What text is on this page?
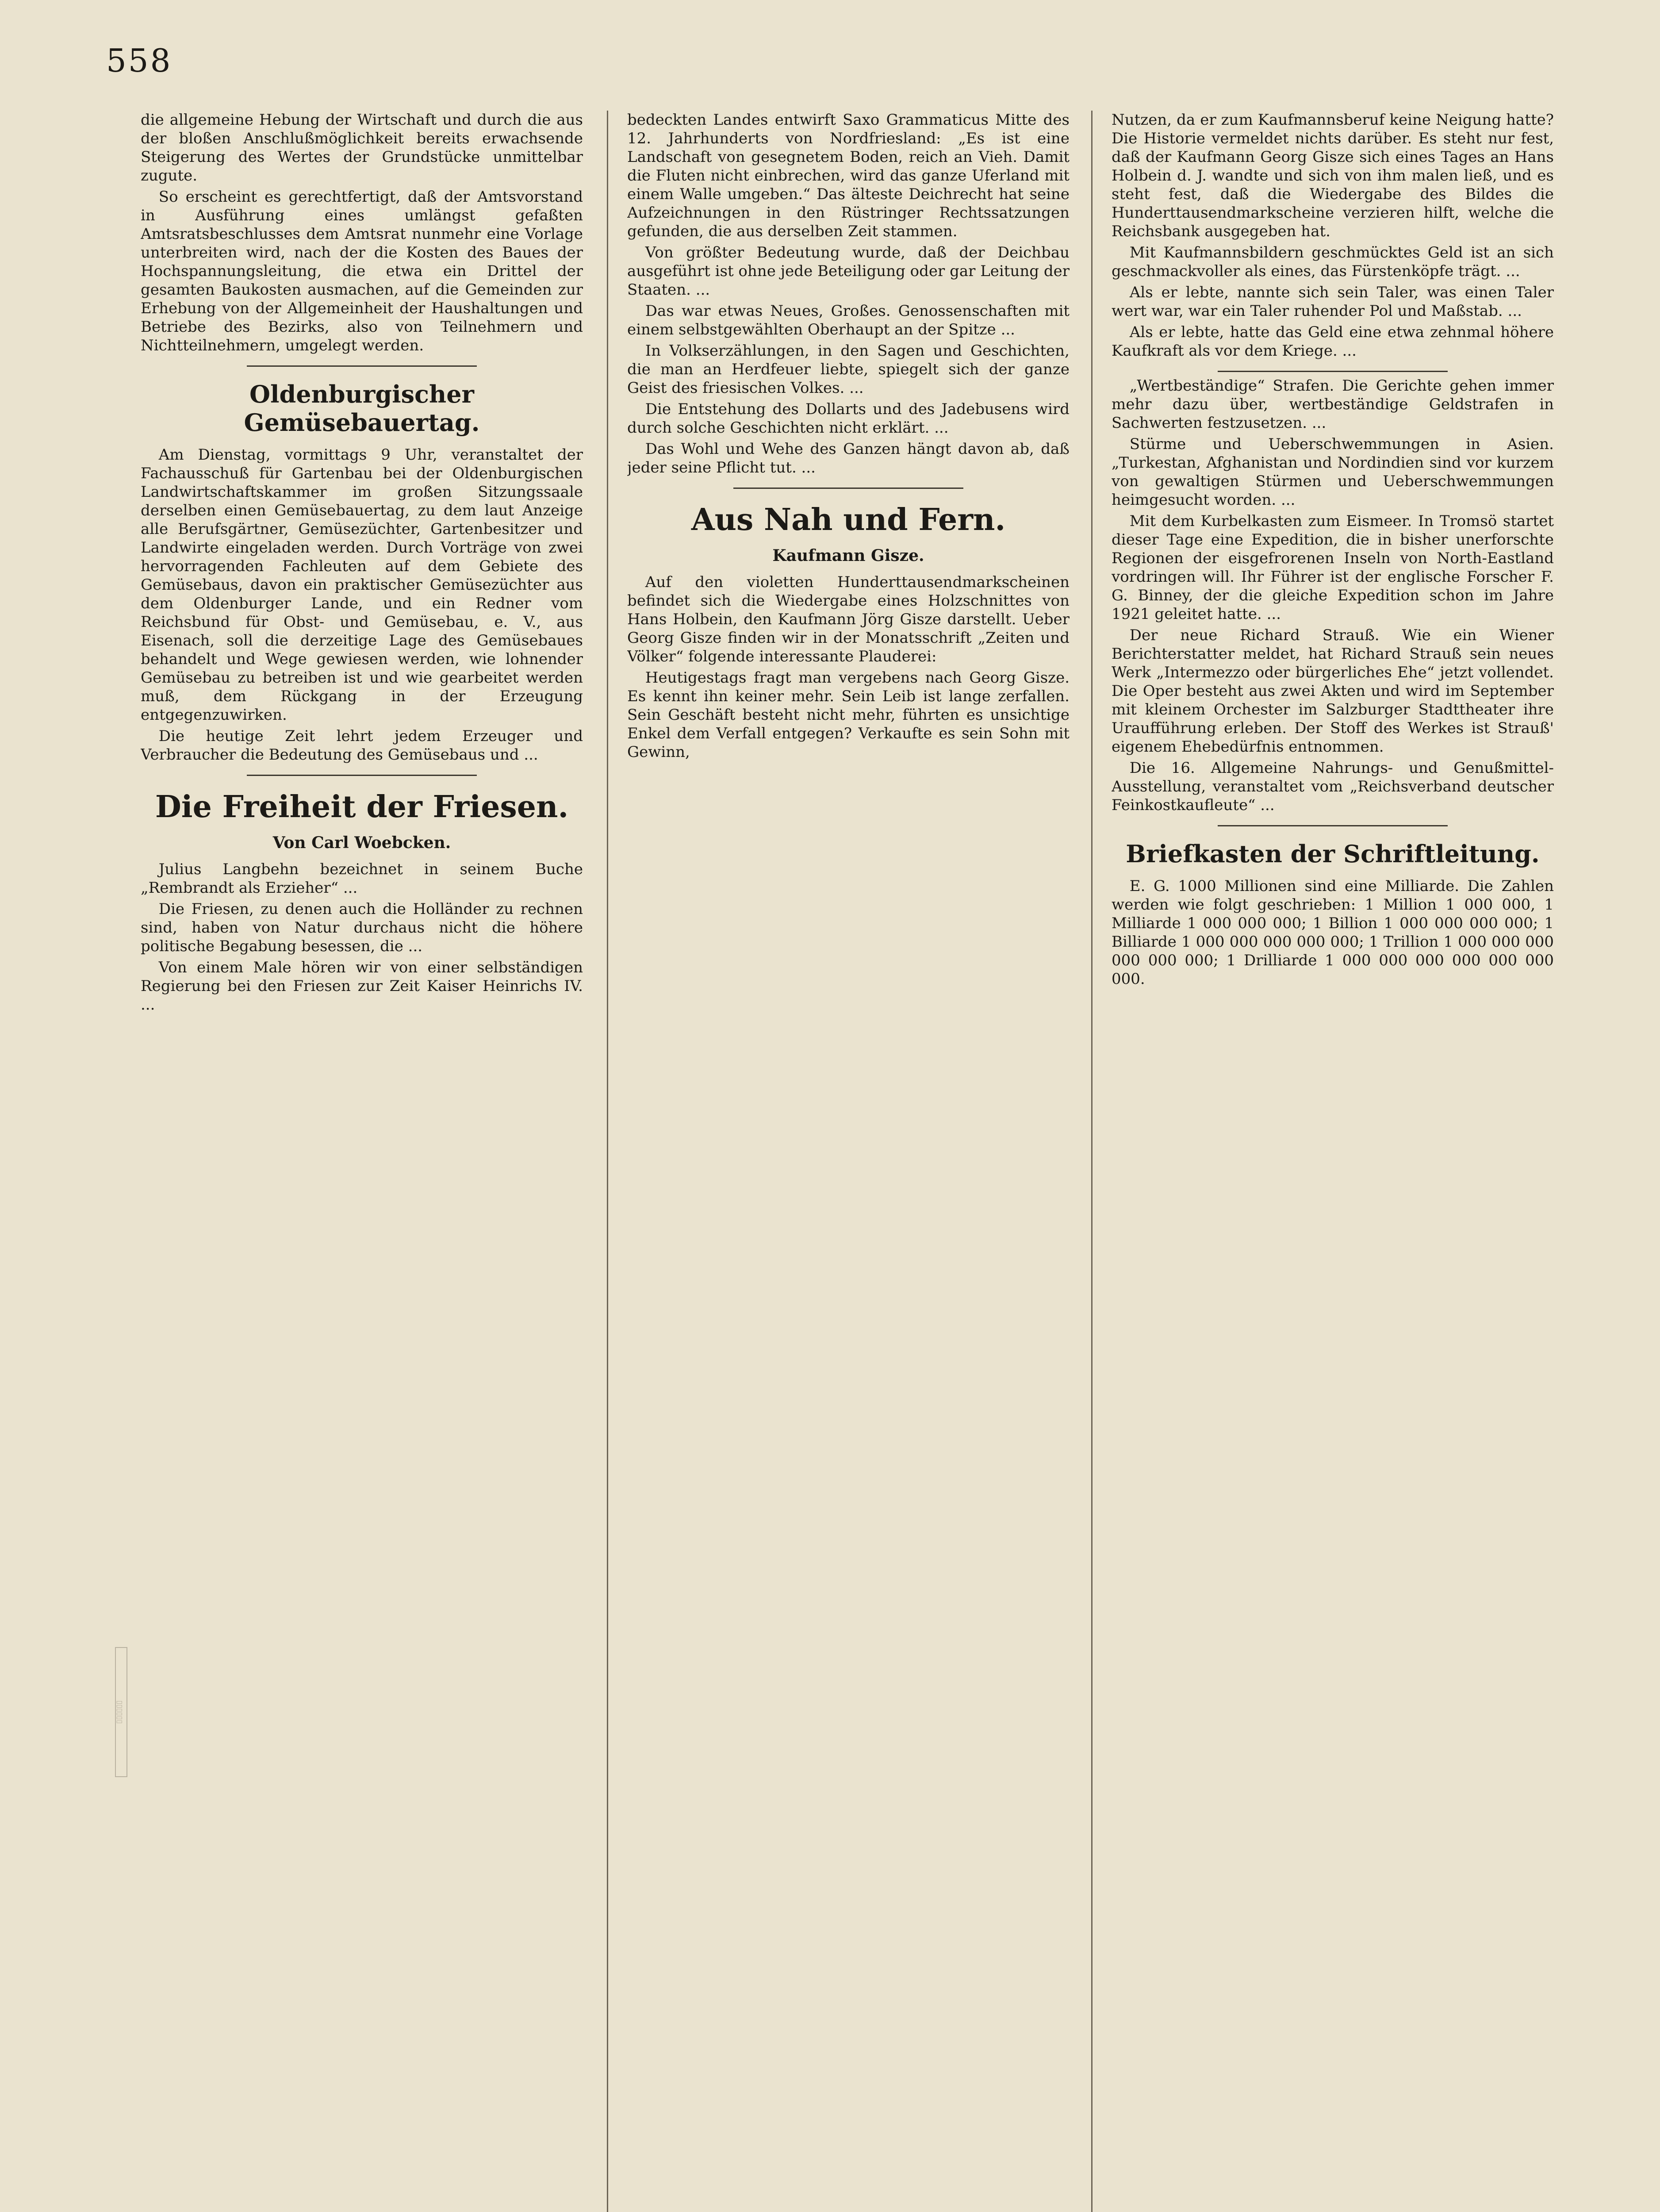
558

die allgemeine Hebung der Wirtschaft und durch die aus der bloßen Anschlußmöglichkeit bereits erwachsende Steigerung des Wertes der Grundstücke unmittelbar zugute.

So erscheint es gerechtfertigt, daß der Amtsvorstand in Ausführung eines umlängst gefaßten Amtsratsbeschlusses dem Amtsrat nunmehr eine Vorlage unterbreiten wird, nach der die Kosten des Baues der Hochspannungsleitung, die etwa ein Drittel der gesamten Baukosten ausmachen, auf die Gemeinden zur Erhebung von der Allgemeinheit der Haushaltungen und Betriebe des Bezirks, also von Teilnehmern und Nichtteilnehmern, umgelegt werden.

Oldenburgischer Gemüsebauertag.

Am Dienstag, vormittags 9 Uhr, veranstaltet der Fachausschuß für Gartenbau bei der Oldenburgischen Landwirtschaftskammer im großen Sitzungssaale derselben einen Gemüsebauertag, zu dem laut Anzeige alle Berufsgärtner, Gemüsezüchter, Gartenbesitzer und Landwirte eingeladen werden. Durch Vorträge von zwei hervorragenden Fachleuten auf dem Gebiete des Gemüsebaus, davon ein praktischer Gemüsezüchter aus dem Oldenburger Lande, und ein Redner vom Reichsbund für Obst- und Gemüsebau, e. V., aus Eisenach, soll die derzeitige Lage des Gemüsebaues behandelt und Wege gewiesen werden, wie lohnender Gemüsebau zu betreiben ist und wie gearbeitet werden muß, dem Rückgang in der Erzeugung entgegenzuwirken.

Die heutige Zeit lehrt jedem Erzeuger und Verbraucher die Bedeutung des Gemüsebaus und ...

Die Freiheit der Friesen.
Von Carl Woebcken.

Julius Langbehn bezeichnet in seinem Buche „Rembrandt als Erzieher“ ...

Die Friesen, zu denen auch die Holländer zu rechnen sind, haben von Natur durchaus nicht die höhere politische Begabung besessen, die ...

Von einem Male hören wir von einer selbständigen Regierung bei den Friesen zur Zeit Kaiser Heinrichs IV. ...

bedeckten Landes entwirft Saxo Grammaticus Mitte des 12. Jahrhunderts von Nordfriesland: „Es ist eine Landschaft von gesegnetem Boden, reich an Vieh. Damit die Fluten nicht einbrechen, wird das ganze Uferland mit einem Walle umgeben.“ Das älteste Deichrecht hat seine Aufzeichnungen in den Rüstringer Rechtssatzungen gefunden, die aus derselben Zeit stammen.

Von größter Bedeutung wurde, daß der Deichbau ausgeführt ist ohne jede Beteiligung oder gar Leitung der Staaten. ...

Das war etwas Neues, Großes. Genossenschaften mit einem selbstgewählten Oberhaupt an der Spitze ...

In Volkserzählungen, in den Sagen und Geschichten, die man an Herdfeuer liebte, spiegelt sich der ganze Geist des friesischen Volkes. ...

Die Entstehung des Dollarts und des Jadebusens wird durch solche Geschichten nicht erklärt. ...

Das Wohl und Wehe des Ganzen hängt davon ab, daß jeder seine Pflicht tut. ...

Aus Nah und Fern.
Kaufmann Gisze.

Auf den violetten Hunderttausendmarkscheinen befindet sich die Wiedergabe eines Holzschnittes von Hans Holbein, den Kaufmann Jörg Gisze darstellt. Ueber Georg Gisze finden wir in der Monatsschrift „Zeiten und Völker“ folgende interessante Plauderei:

Heutigestags fragt man vergebens nach Georg Gisze. Es kennt ihn keiner mehr. Sein Leib ist lange zerfallen. Sein Geschäft besteht nicht mehr, führten es unsichtige Enkel dem Verfall entgegen? Verkaufte es sein Sohn mit Gewinn,

Nutzen, da er zum Kaufmannsberuf keine Neigung hatte? Die Historie vermeldet nichts darüber. Es steht nur fest, daß der Kaufmann Georg Gisze sich eines Tages an Hans Holbein d. J. wandte und sich von ihm malen ließ, und es steht fest, daß die Wiedergabe des Bildes die Hunderttausendmarkscheine verzieren hilft, welche die Reichsbank ausgegeben hat.

Mit Kaufmannsbildern geschmücktes Geld ist an sich geschmackvoller als eines, das Fürstenköpfe trägt. ...

Als er lebte, nannte sich sein Taler, was einen Taler wert war, war ein Taler ruhender Pol und Maßstab. ...

Als er lebte, hatte das Geld eine etwa zehnmal höhere Kaufkraft als vor dem Kriege. ...

„Wertbeständige“ Strafen. Die Gerichte gehen immer mehr dazu über, wertbeständige Geldstrafen in Sachwerten festzusetzen. ...

Stürme und Ueberschwemmungen in Asien. „Turkestan, Afghanistan und Nordindien sind vor kurzem von gewaltigen Stürmen und Ueberschwemmungen heimgesucht worden. ...

Mit dem Kurbelkasten zum Eismeer. In Tromsö startet dieser Tage eine Expedition, die in bisher unerforschte Regionen der eisgefrorenen Inseln von North-Eastland vordringen will. Ihr Führer ist der englische Forscher F. G. Binney, der die gleiche Expedition schon im Jahre 1921 geleitet hatte. ...

Der neue Richard Strauß. Wie ein Wiener Berichterstatter meldet, hat Richard Strauß sein neues Werk „Intermezzo oder bürgerliches Ehe“ jetzt vollendet. Die Oper besteht aus zwei Akten und wird im September mit kleinem Orchester im Salzburger Stadttheater ihre Uraufführung erleben. Der Stoff des Werkes ist Strauß' eigenem Ehebedürfnis entnommen.

Die 16. Allgemeine Nahrungs- und Genußmittel-Ausstellung, veranstaltet vom „Reichsverband deutscher Feinkostkaufleute“ ...

Briefkasten der Schriftleitung.

E. G. 1000 Millionen sind eine Milliarde. Die Zahlen werden wie folgt geschrieben: 1 Million 1 000 000, 1 Milliarde 1 000 000 000; 1 Billion 1 000 000 000 000; 1 Billiarde 1 000 000 000 000 000; 1 Trillion 1 000 000 000 000 000 000; 1 Drilliarde 1 000 000 000 000 000 000 000.

▯▯▯▯▯▯
